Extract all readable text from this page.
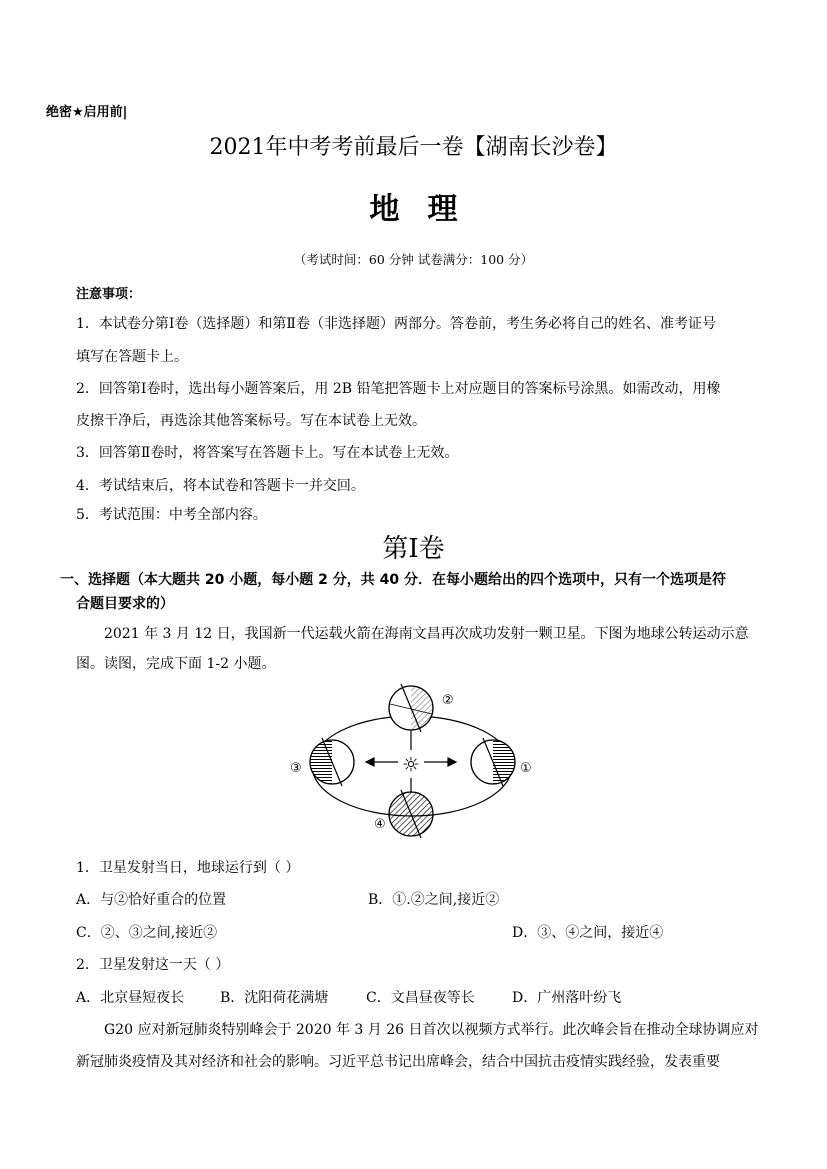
绝密★启用前|
2021年中考考前最后一卷【湖南长沙卷】
地理
（考试时间：60 分钟 试卷满分：100 分）
注意事项：
1．本试卷分第Ⅰ卷（选择题）和第Ⅱ卷（非选择题）两部分。答卷前，考生务必将自己的姓名、准考证号
填写在答题卡上。
2．回答第Ⅰ卷时，选出每小题答案后，用 2B 铅笔把答题卡上对应题目的答案标号涂黑。如需改动，用橡
皮擦干净后，再选涂其他答案标号。写在本试卷上无效。
3．回答第Ⅱ卷时，将答案写在答题卡上。写在本试卷上无效。
4．考试结束后，将本试卷和答题卡一并交回。
5．考试范围：中考全部内容。
第Ⅰ卷
一、选择题（本大题共 20 小题，每小题 2 分，共 40 分．在每小题给出的四个选项中，只有一个选项是符
合题目要求的）
2021 年 3 月 12 日，我国新一代运载火箭在海南文昌再次成功发射一颗卫星。下图为地球公转运动示意
图。读图，完成下面 1-2 小题。
☼
②
③	①
④
1．卫星发射当日，地球运行到（ ）
A．与②恰好重合的位置	B．①.②之间,接近②
C．②、③之间,接近②	D．③、④之间，接近④
2．卫星发射这一天（ ）
A．北京昼短夜长	B．沈阳荷花满塘	C．文昌昼夜等长	D．广州落叶纷飞
G20 应对新冠肺炎特别峰会于 2020 年 3 月 26 日首次以视频方式举行。此次峰会旨在推动全球协调应对
新冠肺炎疫情及其对经济和社会的影响。习近平总书记出席峰会，结合中国抗击疫情实践经验，发表重要
